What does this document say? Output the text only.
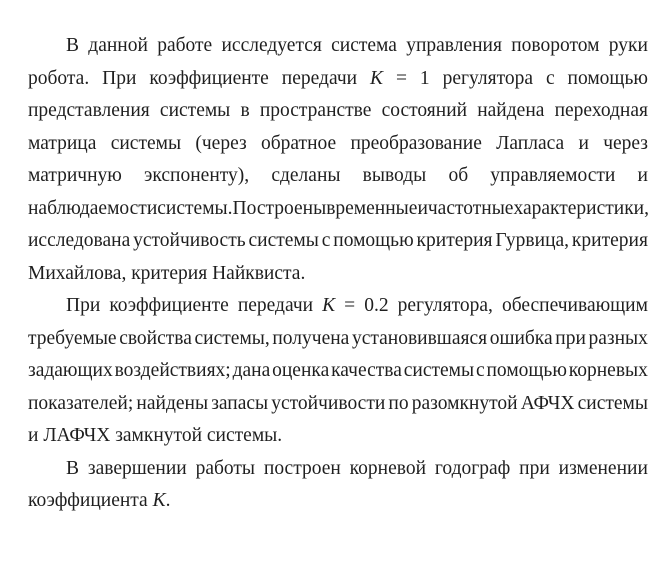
В данной работе исследуется система управления поворотом руки
робота. При коэффициенте передачи K = 1 регулятора с помощью
представления системы в пространстве состояний найдена переходная
матрица системы (через обратное преобразование Лапласа и через
матричную экспоненту), сделаны выводы об управляемости и
наблюдаемости системы. Построены временные и частотные характеристики,
исследована устойчивость системы с помощью критерия Гурвица, критерия
Михайлова, критерия Найквиста.
При коэффициенте передачи K = 0.2 регулятора, обеспечивающим
требуемые свойства системы, получена установившаяся ошибка при разных
задающих воздействиях; дана оценка качества системы с помощью корневых
показателей; найдены запасы устойчивости по разомкнутой АФЧХ системы
и ЛАФЧХ замкнутой системы.
В завершении работы построен корневой годограф при изменении
коэффициента K.
